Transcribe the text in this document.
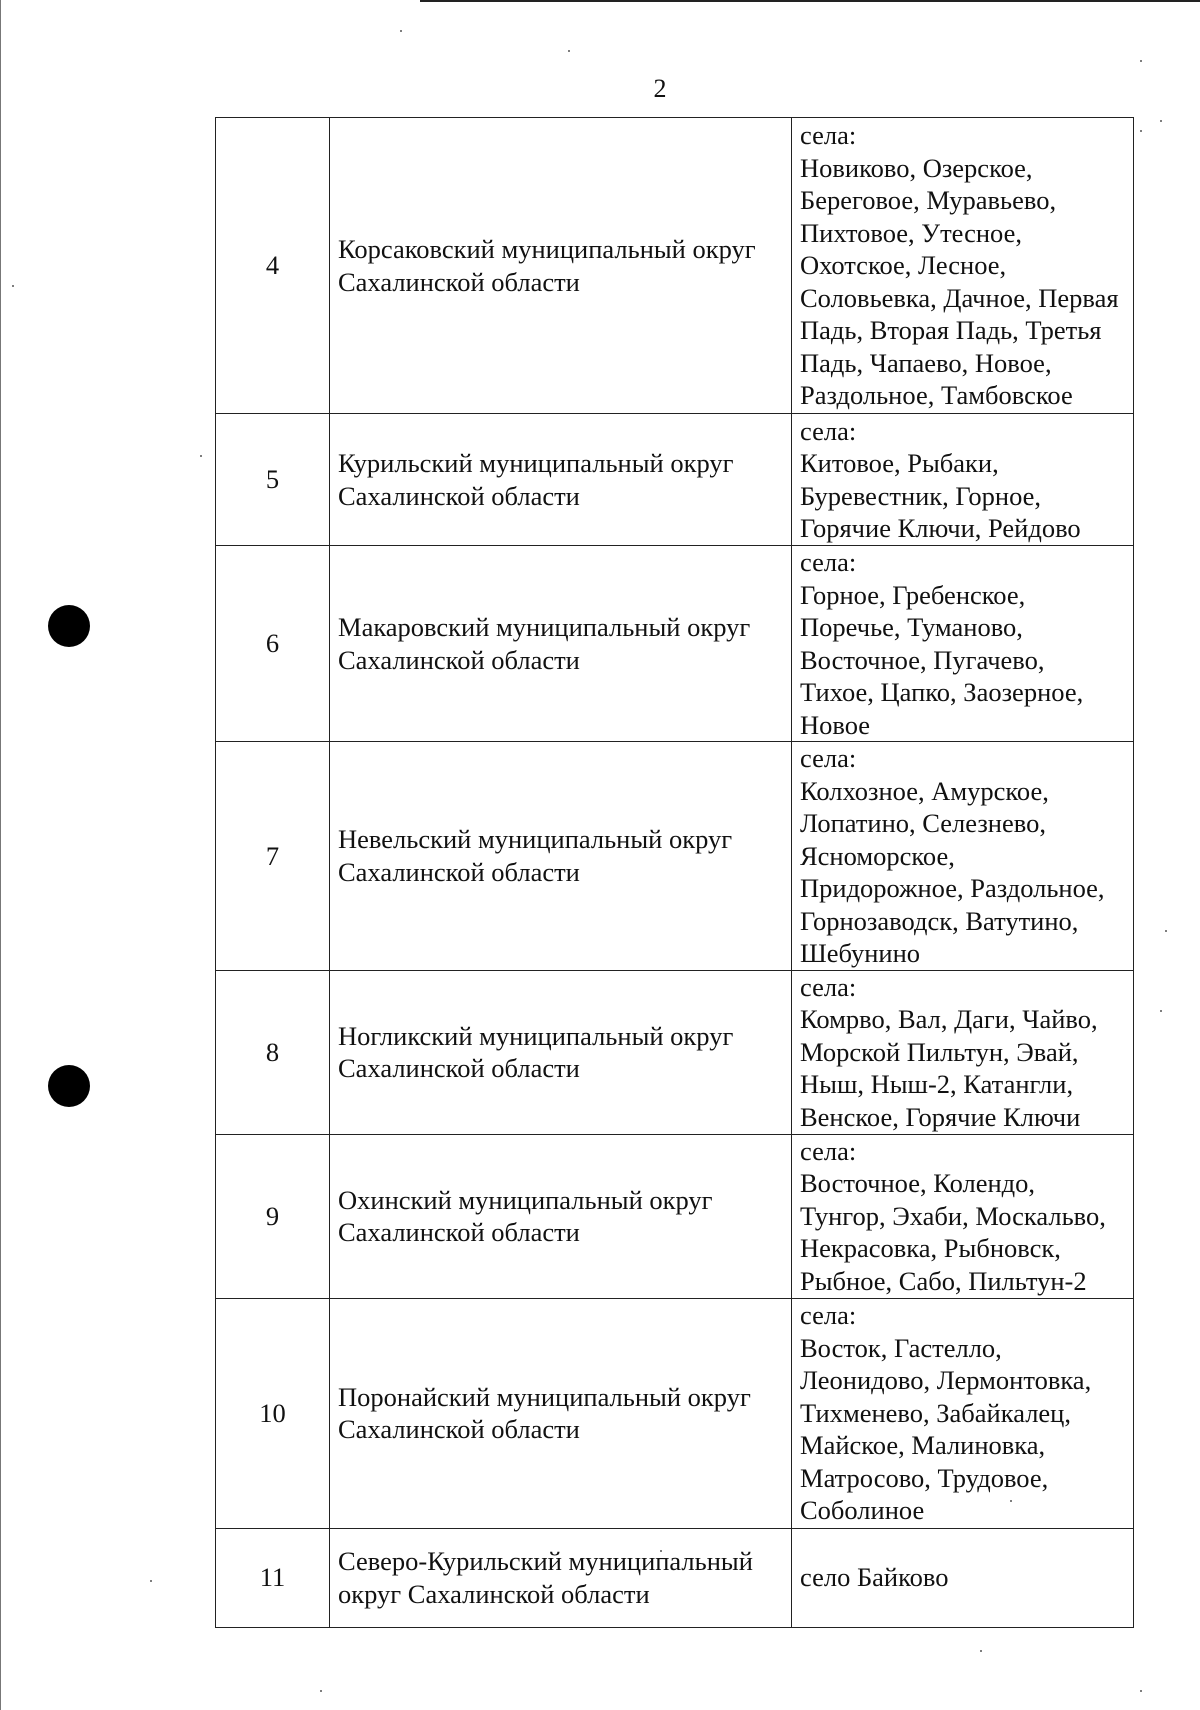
2
4	Корсаковский муниципальный округ Сахалинской области	села:
Новиково, Озерское, Береговое, Муравьево, Пихтовое, Утесное, Охотское, Лесное, Соловьевка, Дачное, Первая Падь, Вторая Падь, Третья Падь, Чапаево, Новое, Раздольное, Тамбовское

5	Курильский муниципальный округ Сахалинской области	села:
Китовое, Рыбаки, Буревестник, Горное, Горячие Ключи, Рейдово

6	Макаровский муниципальный округ Сахалинской области	села:
Горное, Гребенское, Поречье, Туманово, Восточное, Пугачево, Тихое, Цапко, Заозерное, Новое

7	Невельский муниципальный округ Сахалинской области	села:
Колхозное, Амурское, Лопатино, Селезнево, Ясноморское, Придорожное, Раздольное, Горнозаводск, Ватутино, Шебунино

8	Ногликский муниципальный округ Сахалинской области	села:
Комрво, Вал, Даги, Чайво, Морской Пильтун, Эвай, Ныш, Ныш-2, Катангли, Венское, Горячие Ключи

9	Охинский муниципальный округ Сахалинской области	села:
Восточное, Колендо, Тунгор, Эхаби, Москальво, Некрасовка, Рыбновск, Рыбное, Сабо, Пильтун-2

10	Поронайский муниципальный округ Сахалинской области	села:
Восток, Гастелло, Леонидово, Лермонтовка, Тихменево, Забайкалец, Майское, Малиновка, Матросово, Трудовое, Соболиное

11	Северо-Курильский муниципальный округ Сахалинской области	село Байково
